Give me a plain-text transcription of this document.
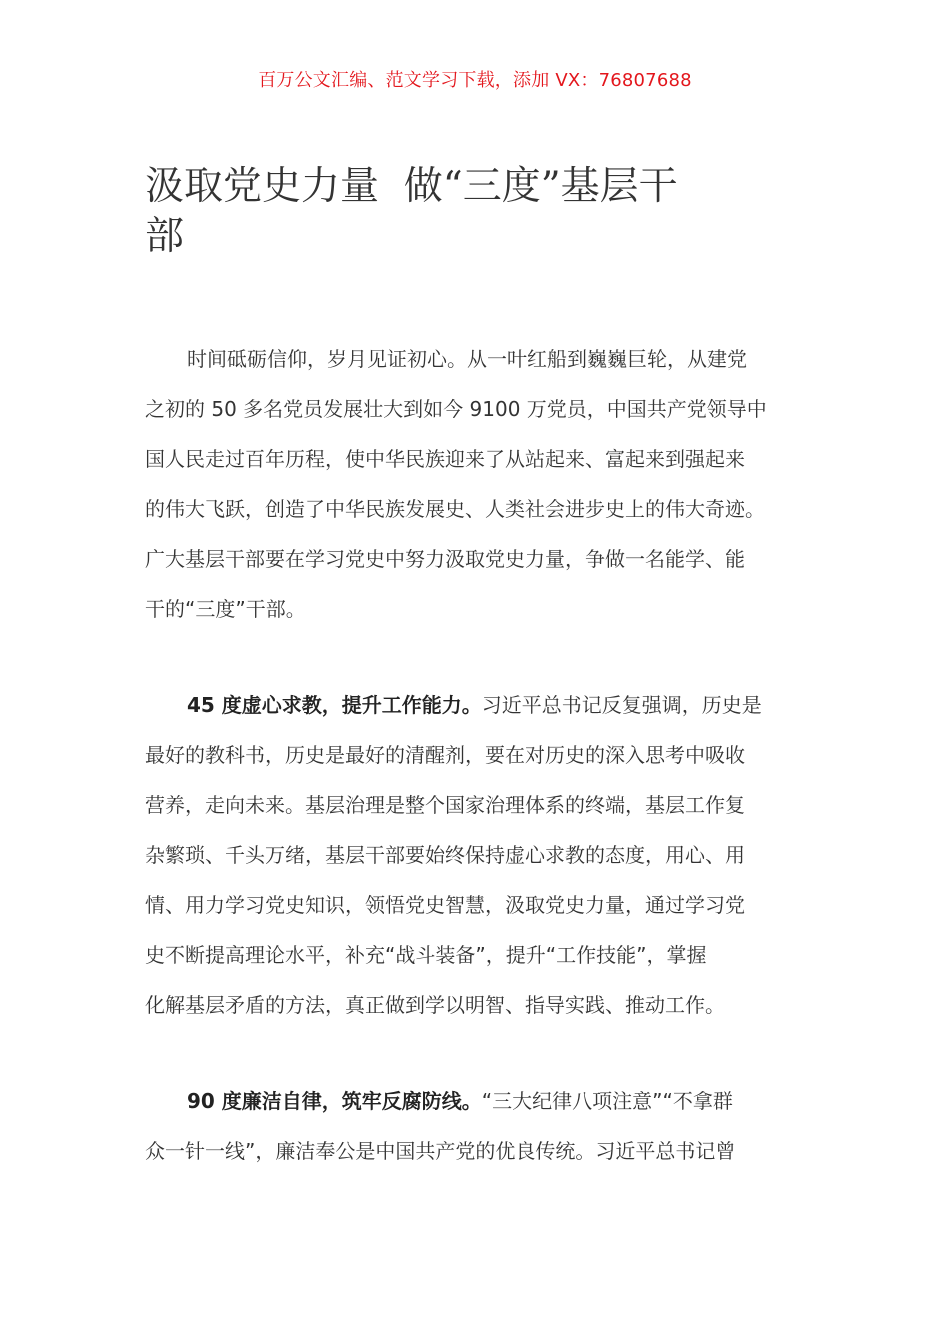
百万公文汇编、范文学习下载，添加 VX：76807688
汲取党史力量  做“三度”基层干
部
时间砥砺信仰，岁月见证初心。从一叶红船到巍巍巨轮，从建党
之初的 50 多名党员发展壮大到如今 9100 万党员，中国共产党领导中
国人民走过百年历程，使中华民族迎来了从站起来、富起来到强起来
的伟大飞跃，创造了中华民族发展史、人类社会进步史上的伟大奇迹。
广大基层干部要在学习党史中努力汲取党史力量，争做一名能学、能
干的“三度”干部。
45 度虚心求教，提升工作能力。习近平总书记反复强调，历史是
最好的教科书，历史是最好的清醒剂，要在对历史的深入思考中吸收
营养，走向未来。基层治理是整个国家治理体系的终端，基层工作复
杂繁琐、千头万绪，基层干部要始终保持虚心求教的态度，用心、用
情、用力学习党史知识，领悟党史智慧，汲取党史力量，通过学习党
史不断提高理论水平，补充“战斗装备”，提升“工作技能”，掌握
化解基层矛盾的方法，真正做到学以明智、指导实践、推动工作。
90 度廉洁自律，筑牢反腐防线。“三大纪律八项注意”“不拿群
众一针一线”，廉洁奉公是中国共产党的优良传统。习近平总书记曾
